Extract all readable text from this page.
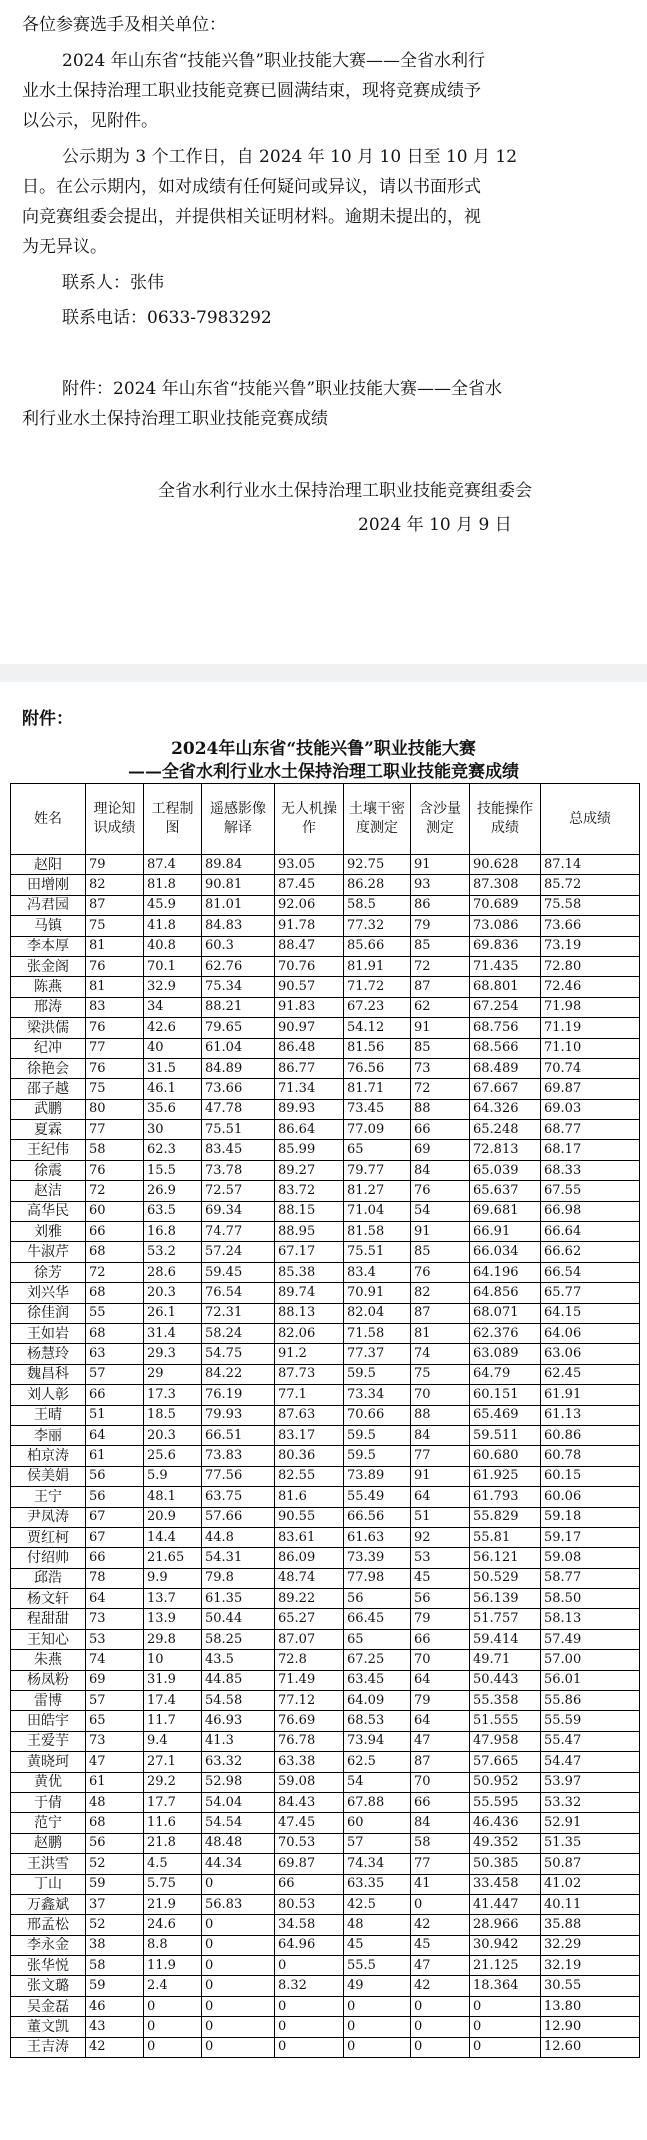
各位参赛选手及相关单位：
2024 年山东省“技能兴鲁”职业技能大赛——全省水利行
业水土保持治理工职业技能竞赛已圆满结束，现将竞赛成绩予
以公示，见附件。
公示期为 3 个工作日，自 2024 年 10 月 10 日至 10 月 12
日。在公示期内，如对成绩有任何疑问或异议，请以书面形式
向竞赛组委会提出，并提供相关证明材料。逾期未提出的，视
为无异议。
联系人：张伟
联系电话：0633-7983292
附件：2024 年山东省“技能兴鲁”职业技能大赛——全省水
利行业水土保持治理工职业技能竞赛成绩
全省水利行业水土保持治理工职业技能竞赛组委会
2024 年 10 月 9 日
附件：
2024年山东省“技能兴鲁”职业技能大赛
——全省水利行业水土保持治理工职业技能竞赛成绩
姓名	理论知识成绩	工程制图	遥感影像解译	无人机操作	土壤干密度测定	含沙量测定	技能操作成绩	总成绩

赵阳	79	87.4	89.84	93.05	92.75	91	90.628	87.14
田增刚	82	81.8	90.81	87.45	86.28	93	87.308	85.72
冯君园	87	45.9	81.01	92.06	58.5	86	70.689	75.58
马镇	75	41.8	84.83	91.78	77.32	79	73.086	73.66
李本厚	81	40.8	60.3	88.47	85.66	85	69.836	73.19
张金阁	76	70.1	62.76	70.76	81.91	72	71.435	72.80
陈燕	81	32.9	75.34	90.57	71.72	87	68.801	72.46
邢涛	83	34	88.21	91.83	67.23	62	67.254	71.98
梁洪儒	76	42.6	79.65	90.97	54.12	91	68.756	71.19
纪冲	77	40	61.04	86.48	81.56	85	68.566	71.10
徐艳会	76	31.5	84.89	86.77	76.56	73	68.489	70.74
邵子越	75	46.1	73.66	71.34	81.71	72	67.667	69.87
武鹏	80	35.6	47.78	89.93	73.45	88	64.326	69.03
夏霖	77	30	75.51	86.64	77.09	66	65.248	68.77
王纪伟	58	62.3	83.45	85.99	65	69	72.813	68.17
徐震	76	15.5	73.78	89.27	79.77	84	65.039	68.33
赵洁	72	26.9	72.57	83.72	81.27	76	65.637	67.55
高华民	60	63.5	69.34	88.15	71.04	54	69.681	66.98
刘雅	66	16.8	74.77	88.95	81.58	91	66.91	66.64
牛淑芹	68	53.2	57.24	67.17	75.51	85	66.034	66.62
徐芳	72	28.6	59.45	85.38	83.4	76	64.196	66.54
刘兴华	68	20.3	76.54	89.74	70.91	82	64.856	65.77
徐佳润	55	26.1	72.31	88.13	82.04	87	68.071	64.15
王如岩	68	31.4	58.24	82.06	71.58	81	62.376	64.06
杨慧玲	63	29.3	54.75	91.2	77.37	74	63.089	63.06
魏昌科	57	29	84.22	87.73	59.5	75	64.79	62.45
刘人彰	66	17.3	76.19	77.1	73.34	70	60.151	61.91
王晴	51	18.5	79.93	87.63	70.66	88	65.469	61.13
李丽	64	20.3	66.51	83.17	59.5	84	59.511	60.86
柏京涛	61	25.6	73.83	80.36	59.5	77	60.680	60.78
侯美娟	56	5.9	77.56	82.55	73.89	91	61.925	60.15
王宁	56	48.1	63.75	81.6	55.49	64	61.793	60.06
尹凤涛	67	20.9	57.66	90.55	66.56	51	55.829	59.18
贾红柯	67	14.4	44.8	83.61	61.63	92	55.81	59.17
付绍帅	66	21.65	54.31	86.09	73.39	53	56.121	59.08
邱浩	78	9.9	79.8	48.74	77.98	45	50.529	58.77
杨文轩	64	13.7	61.35	89.22	56	56	56.139	58.50
程甜甜	73	13.9	50.44	65.27	66.45	79	51.757	58.13
王知心	53	29.8	58.25	87.07	65	66	59.414	57.49
朱燕	74	10	43.5	72.8	67.25	70	49.71	57.00
杨凤粉	69	31.9	44.85	71.49	63.45	64	50.443	56.01
雷博	57	17.4	54.58	77.12	64.09	79	55.358	55.86
田皓宇	65	11.7	46.93	76.69	68.53	64	51.555	55.59
王爱芋	73	9.4	41.3	76.78	73.94	47	47.958	55.47
黄晓珂	47	27.1	63.32	63.38	62.5	87	57.665	54.47
黄优	61	29.2	52.98	59.08	54	70	50.952	53.97
于倩	48	17.7	54.04	84.43	67.88	66	55.595	53.32
范宁	68	11.6	54.54	47.45	60	84	46.436	52.91
赵鹏	56	21.8	48.48	70.53	57	58	49.352	51.35
王洪雪	52	4.5	44.34	69.87	74.34	77	50.385	50.87
丁山	59	5.75	0	66	63.35	41	33.458	41.02
万鑫斌	37	21.9	56.83	80.53	42.5	0	41.447	40.11
邢孟松	52	24.6	0	34.58	48	42	28.966	35.88
李永金	38	8.8	0	64.96	45	45	30.942	32.29
张华悦	58	11.9	0	0	55.5	47	21.125	32.19
张文璐	59	2.4	0	8.32	49	42	18.364	30.55
吴金磊	46	0	0	0	0	0	0	13.80
董文凯	43	0	0	0	0	0	0	12.90
王吉涛	42	0	0	0	0	0	0	12.60
